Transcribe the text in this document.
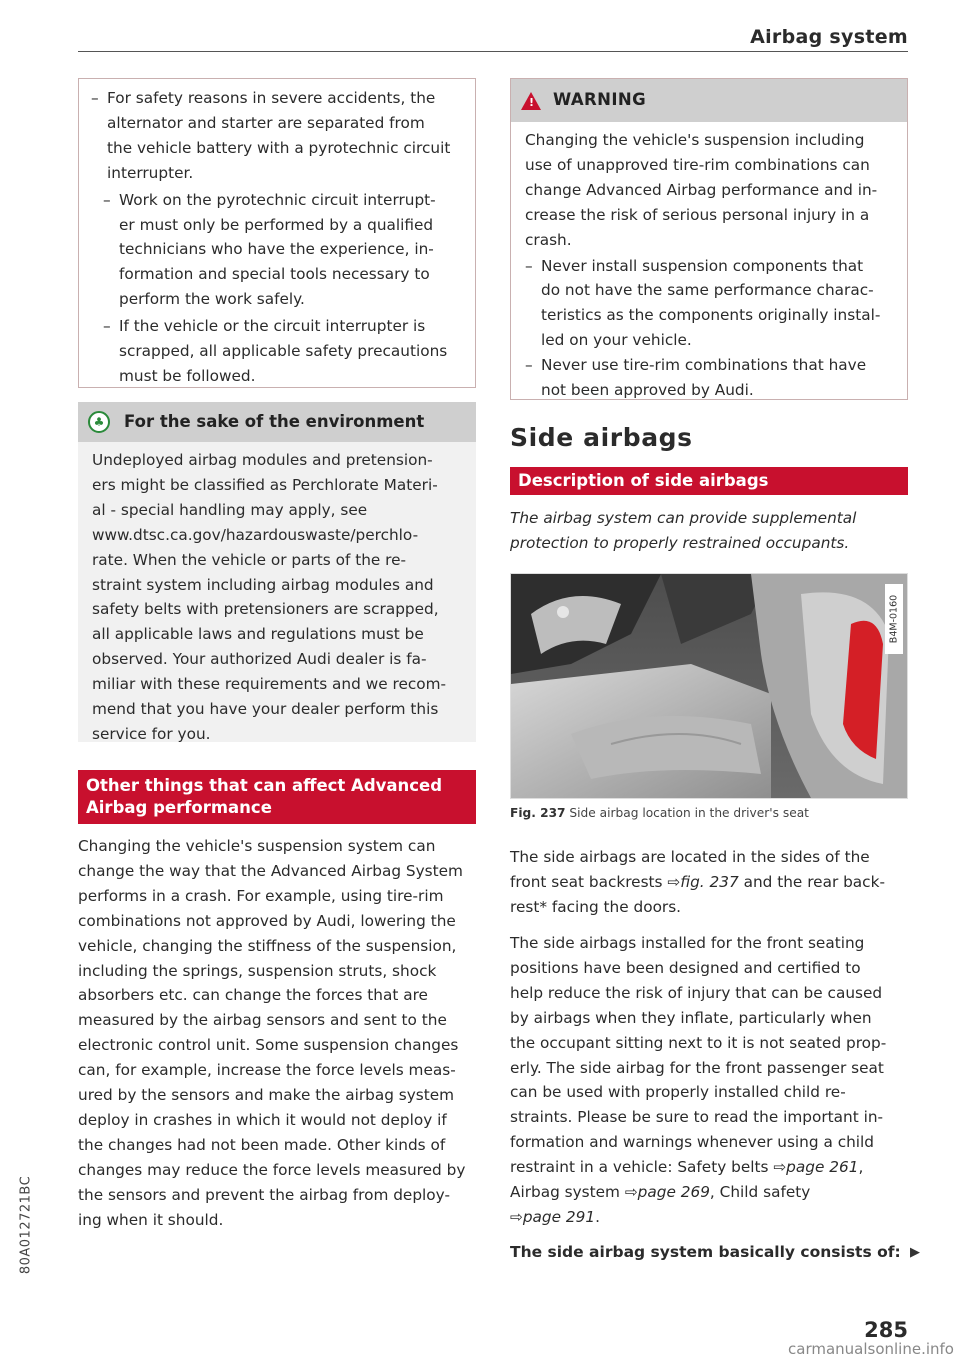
Airbag system
– For safety reasons in severe accidents, the
alternator and starter are separated from
the vehicle battery with a pyrotechnic circuit
interrupter.
– Work on the pyrotechnic circuit interrupt-
er must only be performed by a qualified
technicians who have the experience, in-
formation and special tools necessary to
perform the work safely.
– If the vehicle or the circuit interrupter is
scrapped, all applicable safety precautions
must be followed.
♣	For the sake of the environment
Undeployed airbag modules and pretension-
ers might be classified as Perchlorate Materi-
al - special handling may apply, see
www.dtsc.ca.gov/hazardouswaste/perchlo-
rate. When the vehicle or parts of the re-
straint system including airbag modules and
safety belts with pretensioners are scrapped,
all applicable laws and regulations must be
observed. Your authorized Audi dealer is fa-
miliar with these requirements and we recom-
mend that you have your dealer perform this
service for you.
Other things that can affect Advanced
Airbag performance
Changing the vehicle's suspension system can
change the way that the Advanced Airbag System
performs in a crash. For example, using tire-rim
combinations not approved by Audi, lowering the
vehicle, changing the stiffness of the suspension,
including the springs, suspension struts, shock
absorbers etc. can change the forces that are
measured by the airbag sensors and sent to the
electronic control unit. Some suspension changes
can, for example, increase the force levels meas-
ured by the sensors and make the airbag system
deploy in crashes in which it would not deploy if
the changes had not been made. Other kinds of
changes may reduce the force levels measured by
the sensors and prevent the airbag from deploy-
ing when it should.
! WARNING
Changing the vehicle's suspension including
use of unapproved tire-rim combinations can
change Advanced Airbag performance and in-
crease the risk of serious personal injury in a
crash.
– Never install suspension components that
do not have the same performance charac-
teristics as the components originally instal-
led on your vehicle.
– Never use tire-rim combinations that have
not been approved by Audi.
Side airbags
Description of side airbags
The airbag system can provide supplemental
protection to properly restrained occupants.
B4M-0160
Fig. 237 Side airbag location in the driver's seat
The side airbags are located in the sides of the
front seat backrests ⇨fig. 237 and the rear back-
rest* facing the doors.
The side airbags installed for the front seating
positions have been designed and certified to
help reduce the risk of injury that can be caused
by airbags when they inflate, particularly when
the occupant sitting next to it is not seated prop-
erly. The side airbag for the front passenger seat
can be used with properly installed child re-
straints. Please be sure to read the important in-
formation and warnings whenever using a child
restraint in a vehicle: Safety belts ⇨page 261,
Airbag system ⇨page 269, Child safety
⇨page 291.
The side airbag system basically consists of: ▶
80A012721BC
285
carmanualsonline.info
